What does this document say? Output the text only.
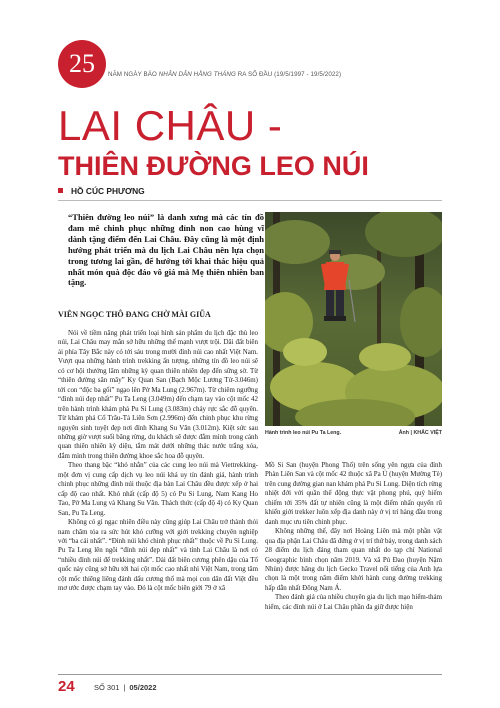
25 NĂM NGÀY BÁO NHÂN DÂN HẰNG THÁNG RA SỐ ĐẦU (19/5/1997 - 19/5/2022)
LAI CHÂU -
THIÊN ĐƯỜNG LEO NÚI
HỒ CÚC PHƯƠNG

“Thiên đường leo núi” là danh xưng mà các tín đồ đam mê chinh phục những đỉnh non cao hùng vĩ dành tặng điểm đến Lai Châu. Đây cũng là một định hướng phát triển mà du lịch Lai Châu nên lựa chọn trong tương lai gần, để hướng tới khai thác hiệu quả nhất món quà độc đáo vô giá mà Mẹ thiên nhiên ban tặng.

VIÊN NGỌC THÔ ĐANG CHỜ MÀI GIŨA

Nói về tiềm năng phát triển loại hình sản phẩm du lịch đặc thù leo núi, Lai Châu may mắn sở hữu những thế mạnh vượt trội. Dãi đất biên ải phía Tây Bắc này có tới sáu trong mười đỉnh núi cao nhất Việt Nam. Vượt qua những hành trình trekking ấn tượng, những tín đồ leo núi sẽ có cơ hội thưởng lãm những kỳ quan thiên nhiên đẹp đến sững sờ. Từ “thiên đường săn mây” Ky Quan San (Bạch Mộc Lương Tử-3.046m) tới con “độc ba gối” ngạo lên Pờ Ma Lung (2.967m). Từ chiêm ngưỡng “đỉnh núi đẹp nhất” Pu Ta Leng (3.049m) đến chạm tay vào cột mốc 42 trên hành trình khám phá Pu Si Lung (3.083m) cháy rực sắc đỗ quyên. Từ khám phá Cổ Trâu-Tả Liên Sơn (2.996m) đến chinh phục khu rừng nguyên sinh tuyệt đẹp nơi đỉnh Khang Su Văn (3.012m). Kiệt sức sau những giờ vượt suối băng rừng, du khách sẽ được đắm mình trong cảnh quan thiên nhiên kỳ diệu, tắm mát dưới những thác nước trắng xóa, đắm mình trong thiên đường khoe sắc hoa đỗ quyên.

Theo thang bậc “khó nhằn” của các cung leo núi mà Viettrekking-một đơn vị cung cấp dịch vụ leo núi khá uy tín đánh giá, hành trình chinh phục những đỉnh núi thuộc địa bàn Lai Châu đều được xếp ở hai cấp độ cao nhất. Khó nhất (cấp độ 5) có Pu Si Lung, Nam Kang Ho Tao, Pờ Ma Lung và Khang Su Văn. Thách thức (cấp độ 4) có Ky Quan San, Pu Ta Leng.

Không có gì ngạc nhiên điều này cũng giúp Lai Châu trở thành thỏi nam châm tỏa ra sức hút khó cưỡng với giới trekking chuyên nghiệp với “ba cái nhất”. “Đỉnh núi khó chinh phục nhất” thuộc về Pu Si Lung. Pu Ta Leng lên ngôi “đỉnh núi đẹp nhất” và tỉnh Lai Châu là nơi có “nhiều đỉnh núi để trekking nhất”. Dải đất biên cương phên dậu của Tổ quốc này cũng sở hữu tới hai cột mốc cao nhất nhì Việt Nam, trong tâm cột mốc thiêng liêng đánh dấu cương thổ mà mọi con dân đất Việt đều mơ ước được chạm tay vào. Đó là cột mốc biên giới 79 ở xã

Hành trình leo núi Pu Ta Leng.	Ảnh | KHẮC VIỆT

Mồ Si San (huyện Phong Thổ) trên sống yên ngựa của đỉnh Phàn Liên San và cột mốc 42 thuộc xã Pa Ủ (huyện Mường Tè) trên cung đường gian nan khám phá Pu Si Lung. Diện tích rừng nhiệt đới với quần thể động thực vật phong phú, quý hiếm chiếm tới 35% đất tự nhiên cũng là một điểm nhấn quyến rũ khiến giới trekker luôn xếp địa danh này ở vị trí hàng đầu trong danh mục ưu tiên chinh phục.

Không những thế, đây nơi Hoàng Liên mà một phần vật qua địa phận Lai Châu đã đứng ở vị trí thứ bảy, trong danh sách 28 điểm du lịch đáng tham quan nhất do tạp chí National Geographic bình chọn năm 2019. Và xã Pú Đao (huyện Nậm Nhùn) được hãng du lịch Gecko Travel nổi tiếng của Anh lựa chọn là một trong năm điểm khởi hành cung đường trekking hấp dẫn nhất Đông Nam Á.

Theo đánh giá của nhiều chuyên gia du lịch mạo hiểm-thám hiểm, các đỉnh núi ở Lai Châu phần đa giữ được hiện

24	SỐ 301 | 05/2022
